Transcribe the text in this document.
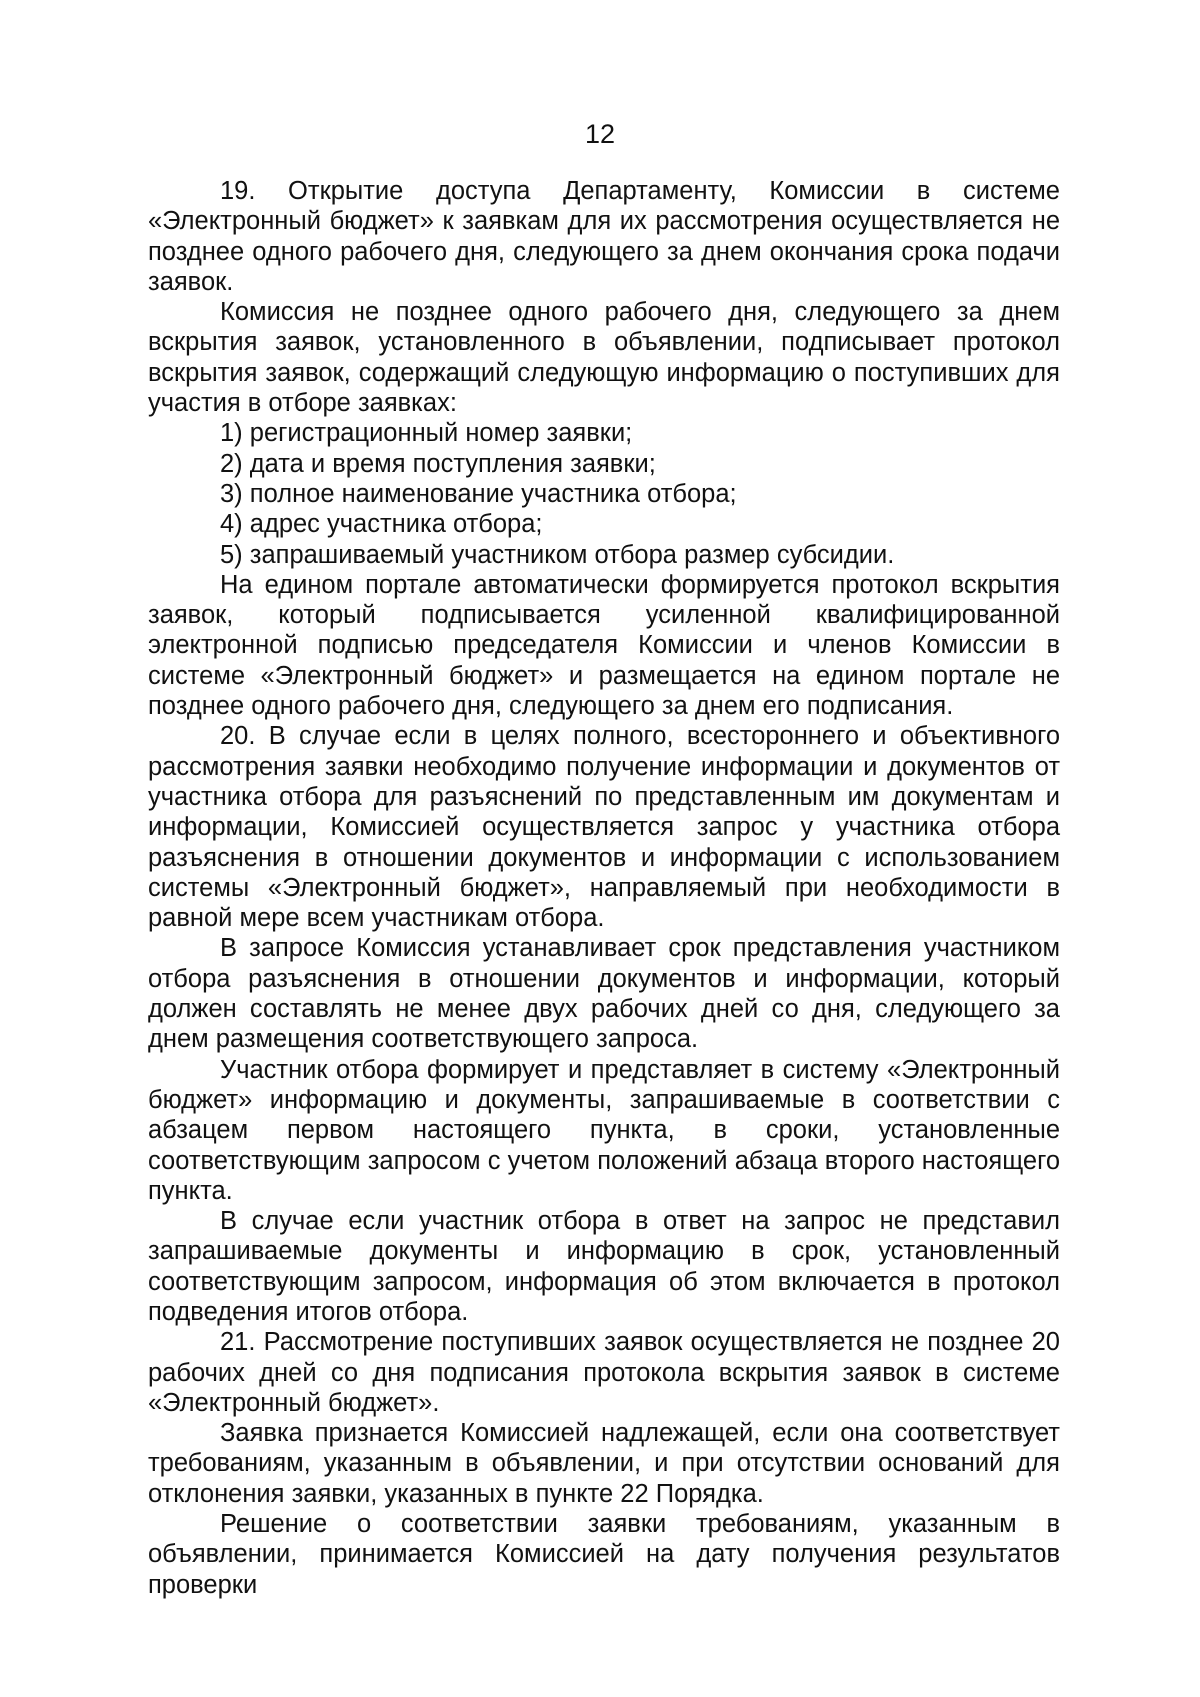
12

19. Открытие доступа Департаменту, Комиссии в системе «Электронный бюджет» к заявкам для их рассмотрения осуществляется не позднее одного рабочего дня, следующего за днем окончания срока подачи заявок.

Комиссия не позднее одного рабочего дня, следующего за днем вскрытия заявок, установленного в объявлении, подписывает протокол вскрытия заявок, содержащий следующую информацию о поступивших для участия в отборе заявках:

1) регистрационный номер заявки;

2) дата и время поступления заявки;

3) полное наименование участника отбора;

4) адрес участника отбора;

5) запрашиваемый участником отбора размер субсидии.

На едином портале автоматически формируется протокол вскрытия заявок, который подписывается усиленной квалифицированной электронной подписью председателя Комиссии и членов Комиссии в системе «Электронный бюджет» и размещается на едином портале не позднее одного рабочего дня, следующего за днем его подписания.

20. В случае если в целях полного, всестороннего и объективного рассмотрения заявки необходимо получение информации и документов от участника отбора для разъяснений по представленным им документам и информации, Комиссией осуществляется запрос у участника отбора разъяснения в отношении документов и информации с использованием системы «Электронный бюджет», направляемый при необходимости в равной мере всем участникам отбора.

В запросе Комиссия устанавливает срок представления участником отбора разъяснения в отношении документов и информации, который должен составлять не менее двух рабочих дней со дня, следующего за днем размещения соответствующего запроса.

Участник отбора формирует и представляет в систему «Электронный бюджет» информацию и документы, запрашиваемые в соответствии с абзацем первом настоящего пункта, в сроки, установленные соответствующим запросом с учетом положений абзаца второго настоящего пункта.

В случае если участник отбора в ответ на запрос не представил запрашиваемые документы и информацию в срок, установленный соответствующим запросом, информация об этом включается в протокол подведения итогов отбора.

21. Рассмотрение поступивших заявок осуществляется не позднее 20 рабочих дней со дня подписания протокола вскрытия заявок в системе «Электронный бюджет».

Заявка признается Комиссией надлежащей, если она соответствует требованиям, указанным в объявлении, и при отсутствии оснований для отклонения заявки, указанных в пункте 22 Порядка.

Решение о соответствии заявки требованиям, указанным в объявлении, принимается Комиссией на дату получения результатов проверки
